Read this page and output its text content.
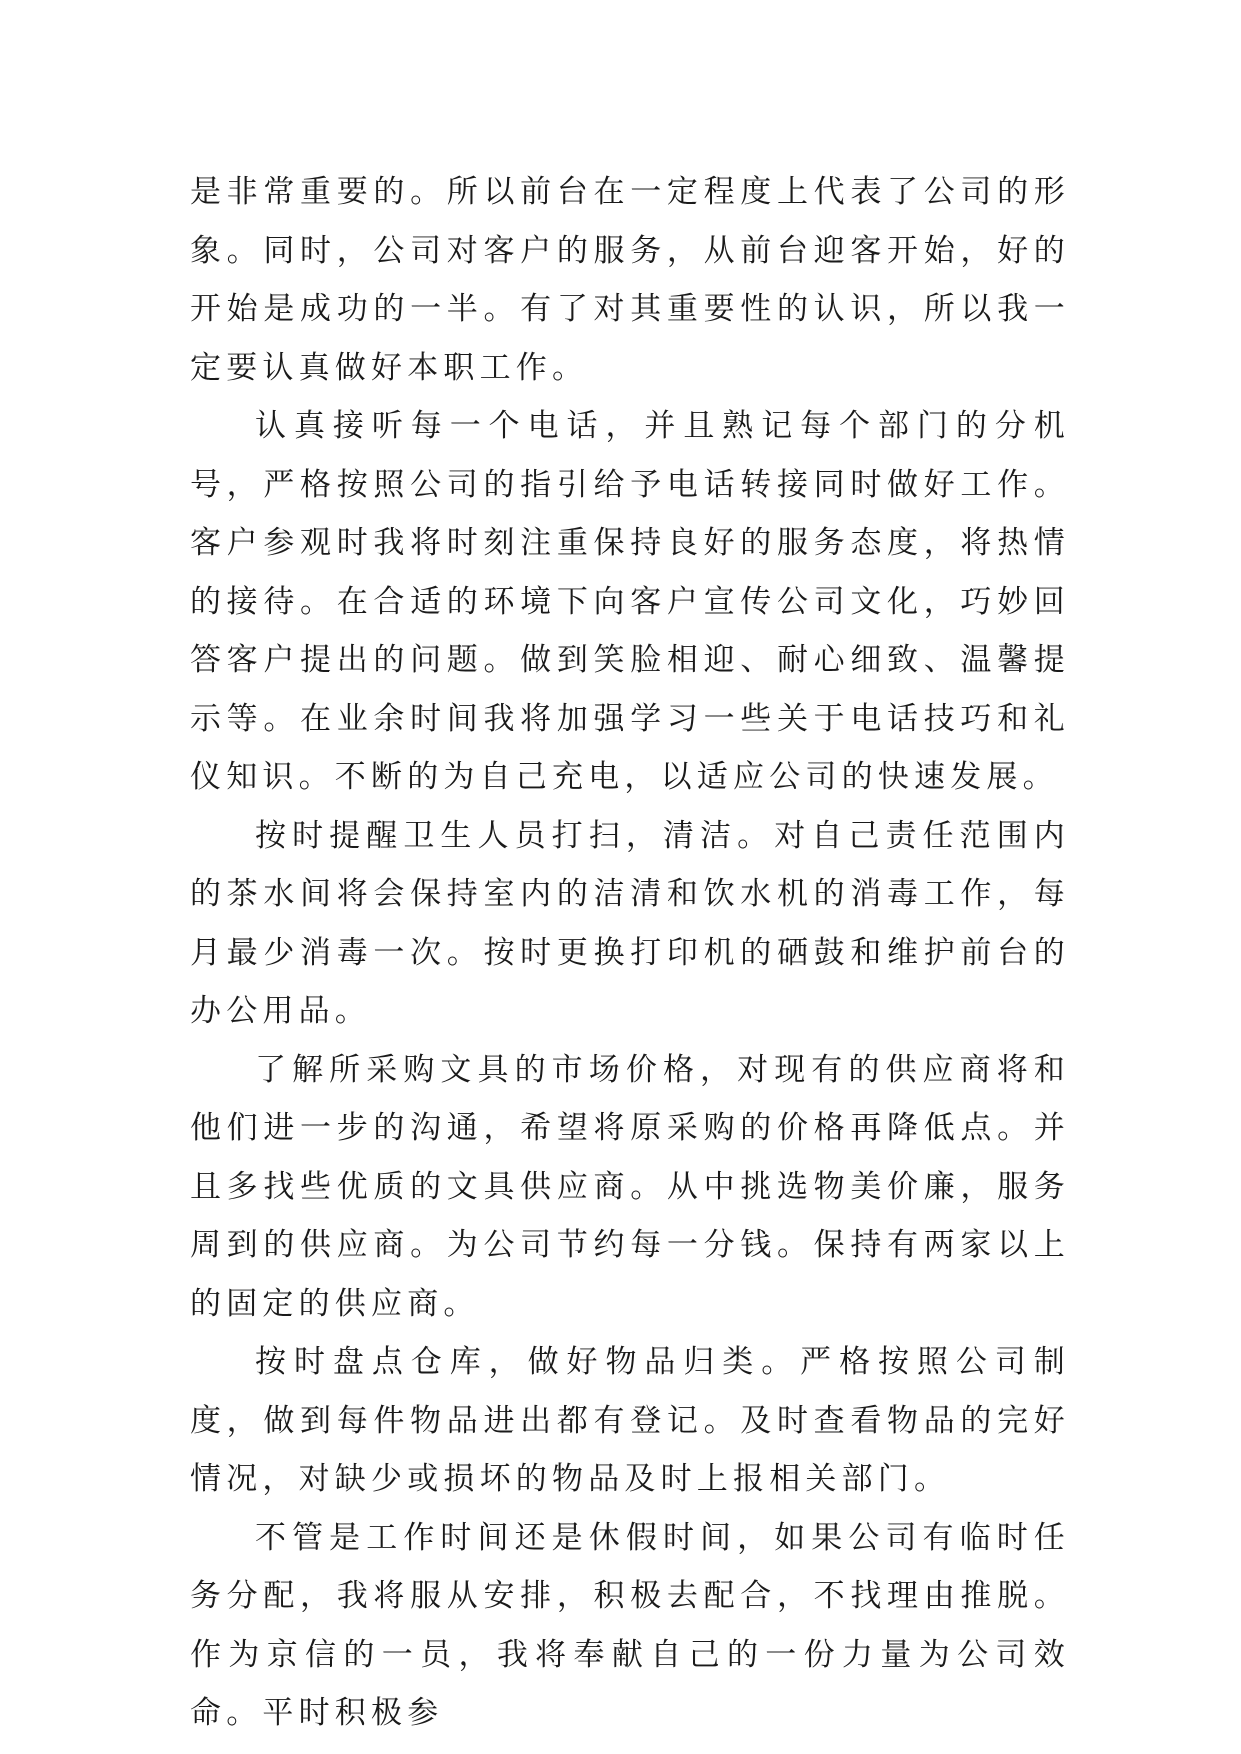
是非常重要的。所以前台在一定程度上代表了公司的形象。同时，公司对客户的服务，从前台迎客开始，好的开始是成功的一半。有了对其重要性的认识，所以我一定要认真做好本职工作。

认真接听每一个电话，并且熟记每个部门的分机号，严格按照公司的指引给予电话转接同时做好工作。客户参观时我将时刻注重保持良好的服务态度，将热情的接待。在合适的环境下向客户宣传公司文化，巧妙回答客户提出的问题。做到笑脸相迎、耐心细致、温馨提示等。在业余时间我将加强学习一些关于电话技巧和礼仪知识。不断的为自己充电，以适应公司的快速发展。

按时提醒卫生人员打扫，清洁。对自己责任范围内的茶水间将会保持室内的洁清和饮水机的消毒工作，每月最少消毒一次。按时更换打印机的硒鼓和维护前台的办公用品。

了解所采购文具的市场价格，对现有的供应商将和他们进一步的沟通，希望将原采购的价格再降低点。并且多找些优质的文具供应商。从中挑选物美价廉，服务周到的供应商。为公司节约每一分钱。保持有两家以上的固定的供应商。

按时盘点仓库，做好物品归类。严格按照公司制度，做到每件物品进出都有登记。及时查看物品的完好情况，对缺少或损坏的物品及时上报相关部门。

不管是工作时间还是休假时间，如果公司有临时任务分配，我将服从安排，积极去配合，不找理由推脱。作为京信的一员，我将奉献自己的一份力量为公司效命。平时积极参
